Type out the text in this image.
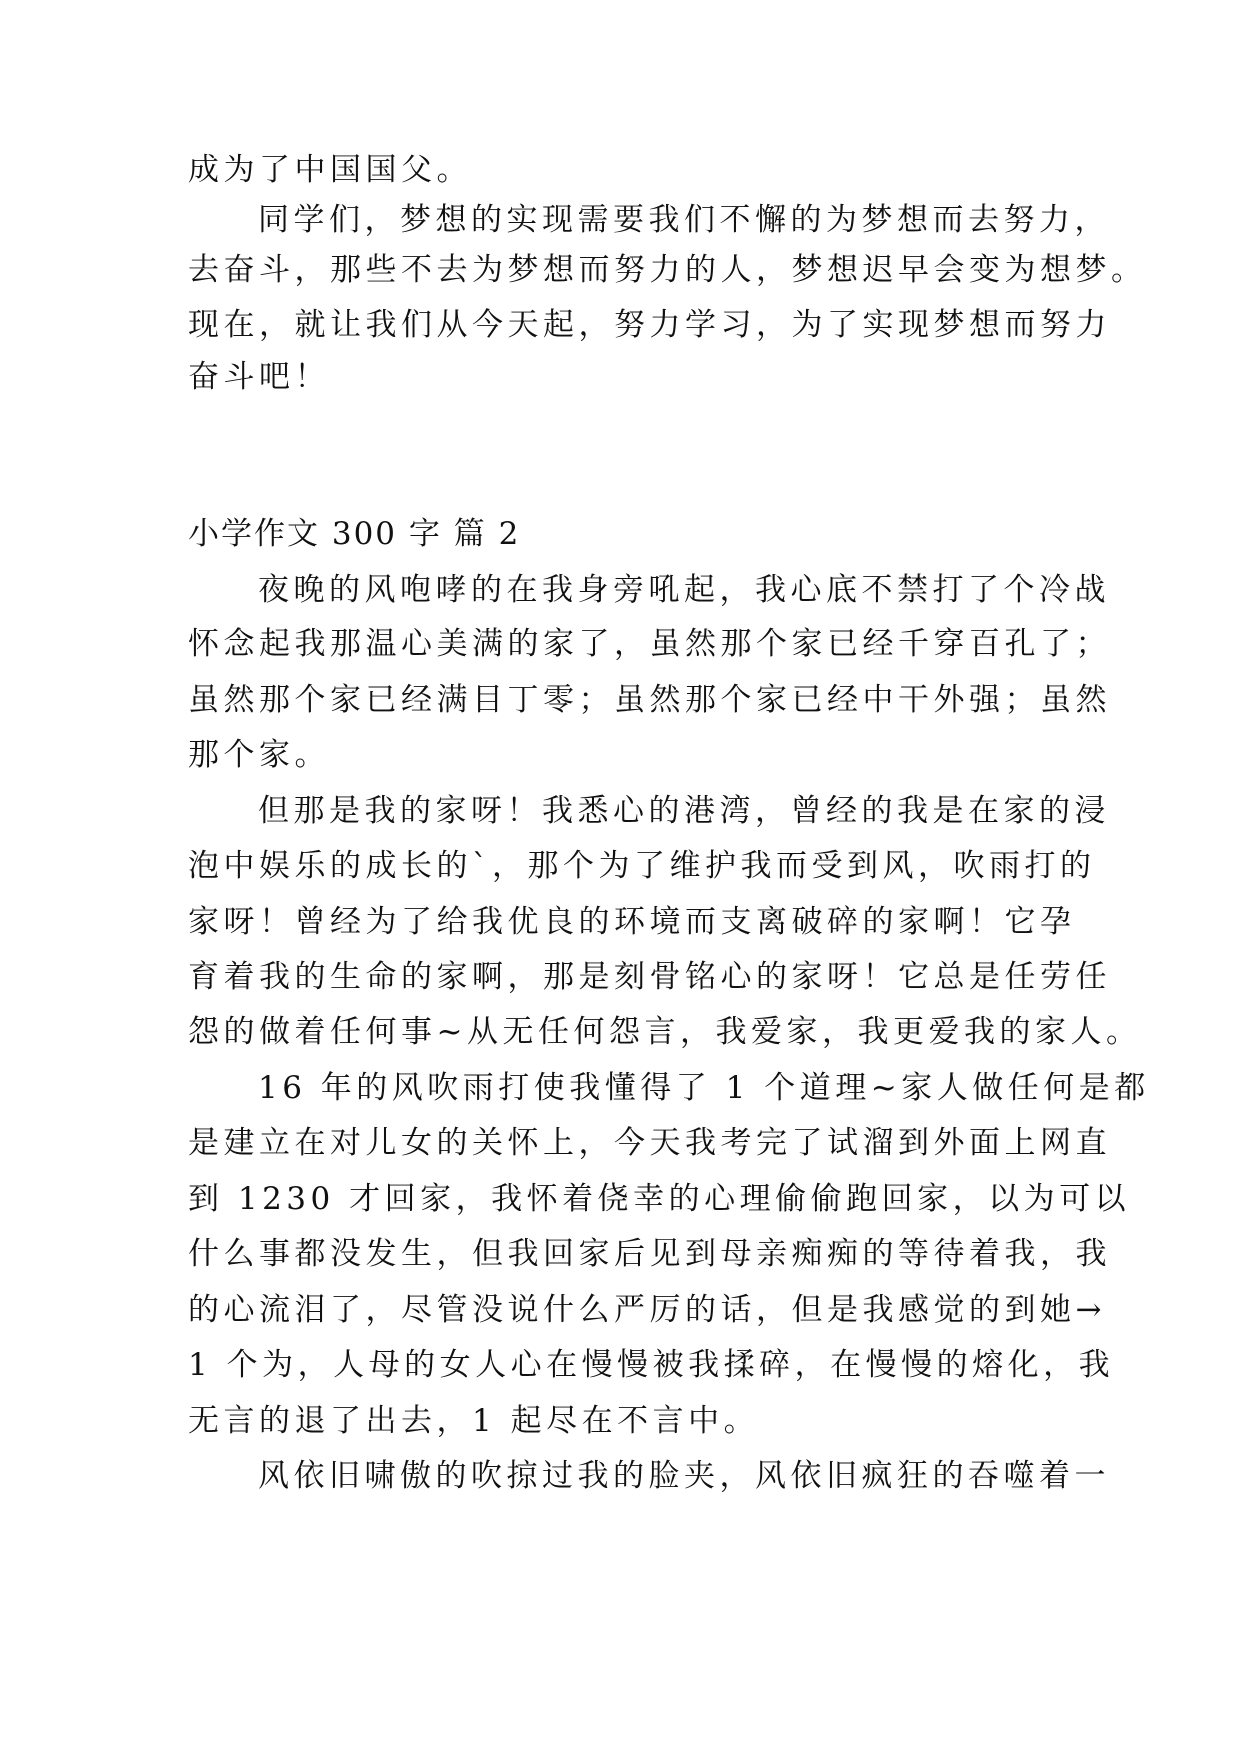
成为了中国国父。
同学们，梦想的实现需要我们不懈的为梦想而去努力，
去奋斗，那些不去为梦想而努力的人，梦想迟早会变为想梦。
现在，就让我们从今天起，努力学习，为了实现梦想而努力
奋斗吧！
小学作文 300 字 篇 2
夜晚的风咆哮的在我身旁吼起，我心底不禁打了个冷战
怀念起我那温心美满的家了，虽然那个家已经千穿百孔了；
虽然那个家已经满目丁零；虽然那个家已经中干外强；虽然
那个家。
但那是我的家呀！我悉心的港湾，曾经的我是在家的浸
泡中娱乐的成长的`，那个为了维护我而受到风，吹雨打的
家呀！曾经为了给我优良的环境而支离破碎的家啊！它孕
育着我的生命的家啊，那是刻骨铭心的家呀！它总是任劳任
怨的做着任何事~从无任何怨言，我爱家，我更爱我的家人。
16 年的风吹雨打使我懂得了 1 个道理~家人做任何是都
是建立在对儿女的关怀上，今天我考完了试溜到外面上网直
到 1230 才回家，我怀着侥幸的心理偷偷跑回家，以为可以
什么事都没发生，但我回家后见到母亲痴痴的等待着我，我
的心流泪了，尽管没说什么严厉的话，但是我感觉的到她→
1 个为，人母的女人心在慢慢被我揉碎，在慢慢的熔化，我
无言的退了出去，1 起尽在不言中。
风依旧啸傲的吹掠过我的脸夹，风依旧疯狂的吞噬着一
